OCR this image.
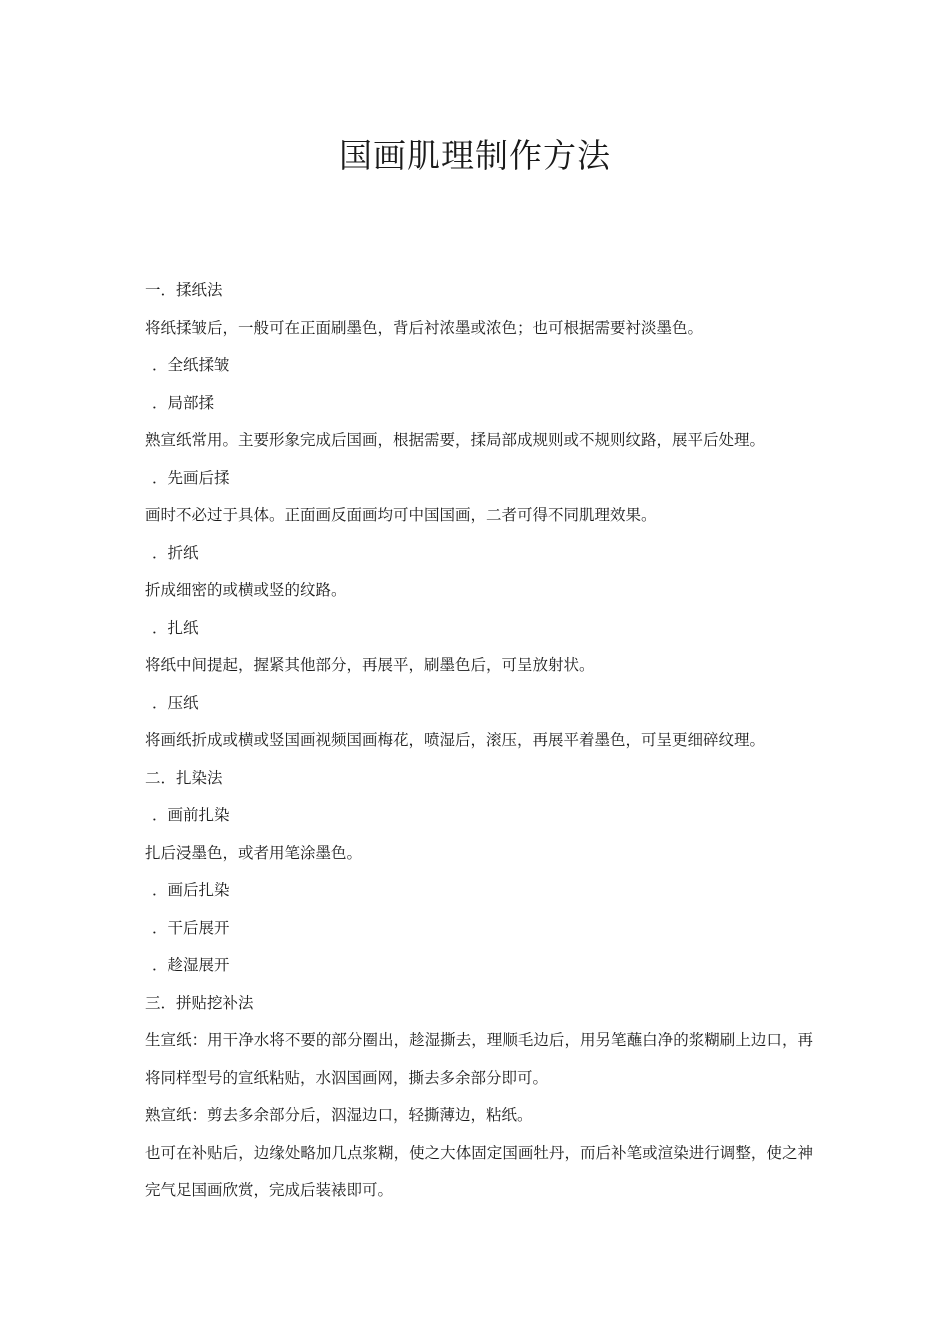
国画肌理制作方法

一．揉纸法

将纸揉皱后，一般可在正面刷墨色，背后衬浓墨或浓色；也可根据需要衬淡墨色。

．全纸揉皱

．局部揉

熟宣纸常用。主要形象完成后国画，根据需要，揉局部成规则或不规则纹路，展平后处理。

．先画后揉

画时不必过于具体。正面画反面画均可中国国画，二者可得不同肌理效果。

．折纸

折成细密的或横或竖的纹路。

．扎纸

将纸中间提起，握紧其他部分，再展平，刷墨色后，可呈放射状。

．压纸

将画纸折成或横或竖国画视频国画梅花，喷湿后，滚压，再展平着墨色，可呈更细碎纹理。

二．扎染法

．画前扎染

扎后浸墨色，或者用笔涂墨色。

．画后扎染

．干后展开

．趁湿展开

三．拼贴挖补法

生宣纸：用干净水将不要的部分圈出，趁湿撕去，理顺毛边后，用另笔蘸白净的浆糊刷上边口，再将同样型号的宣纸粘贴，水泅国画网，撕去多余部分即可。

熟宣纸：剪去多余部分后，泅湿边口，轻撕薄边，粘纸。

也可在补贴后，边缘处略加几点浆糊，使之大体固定国画牡丹，而后补笔或渲染进行调整，使之神完气足国画欣赏，完成后装裱即可。
